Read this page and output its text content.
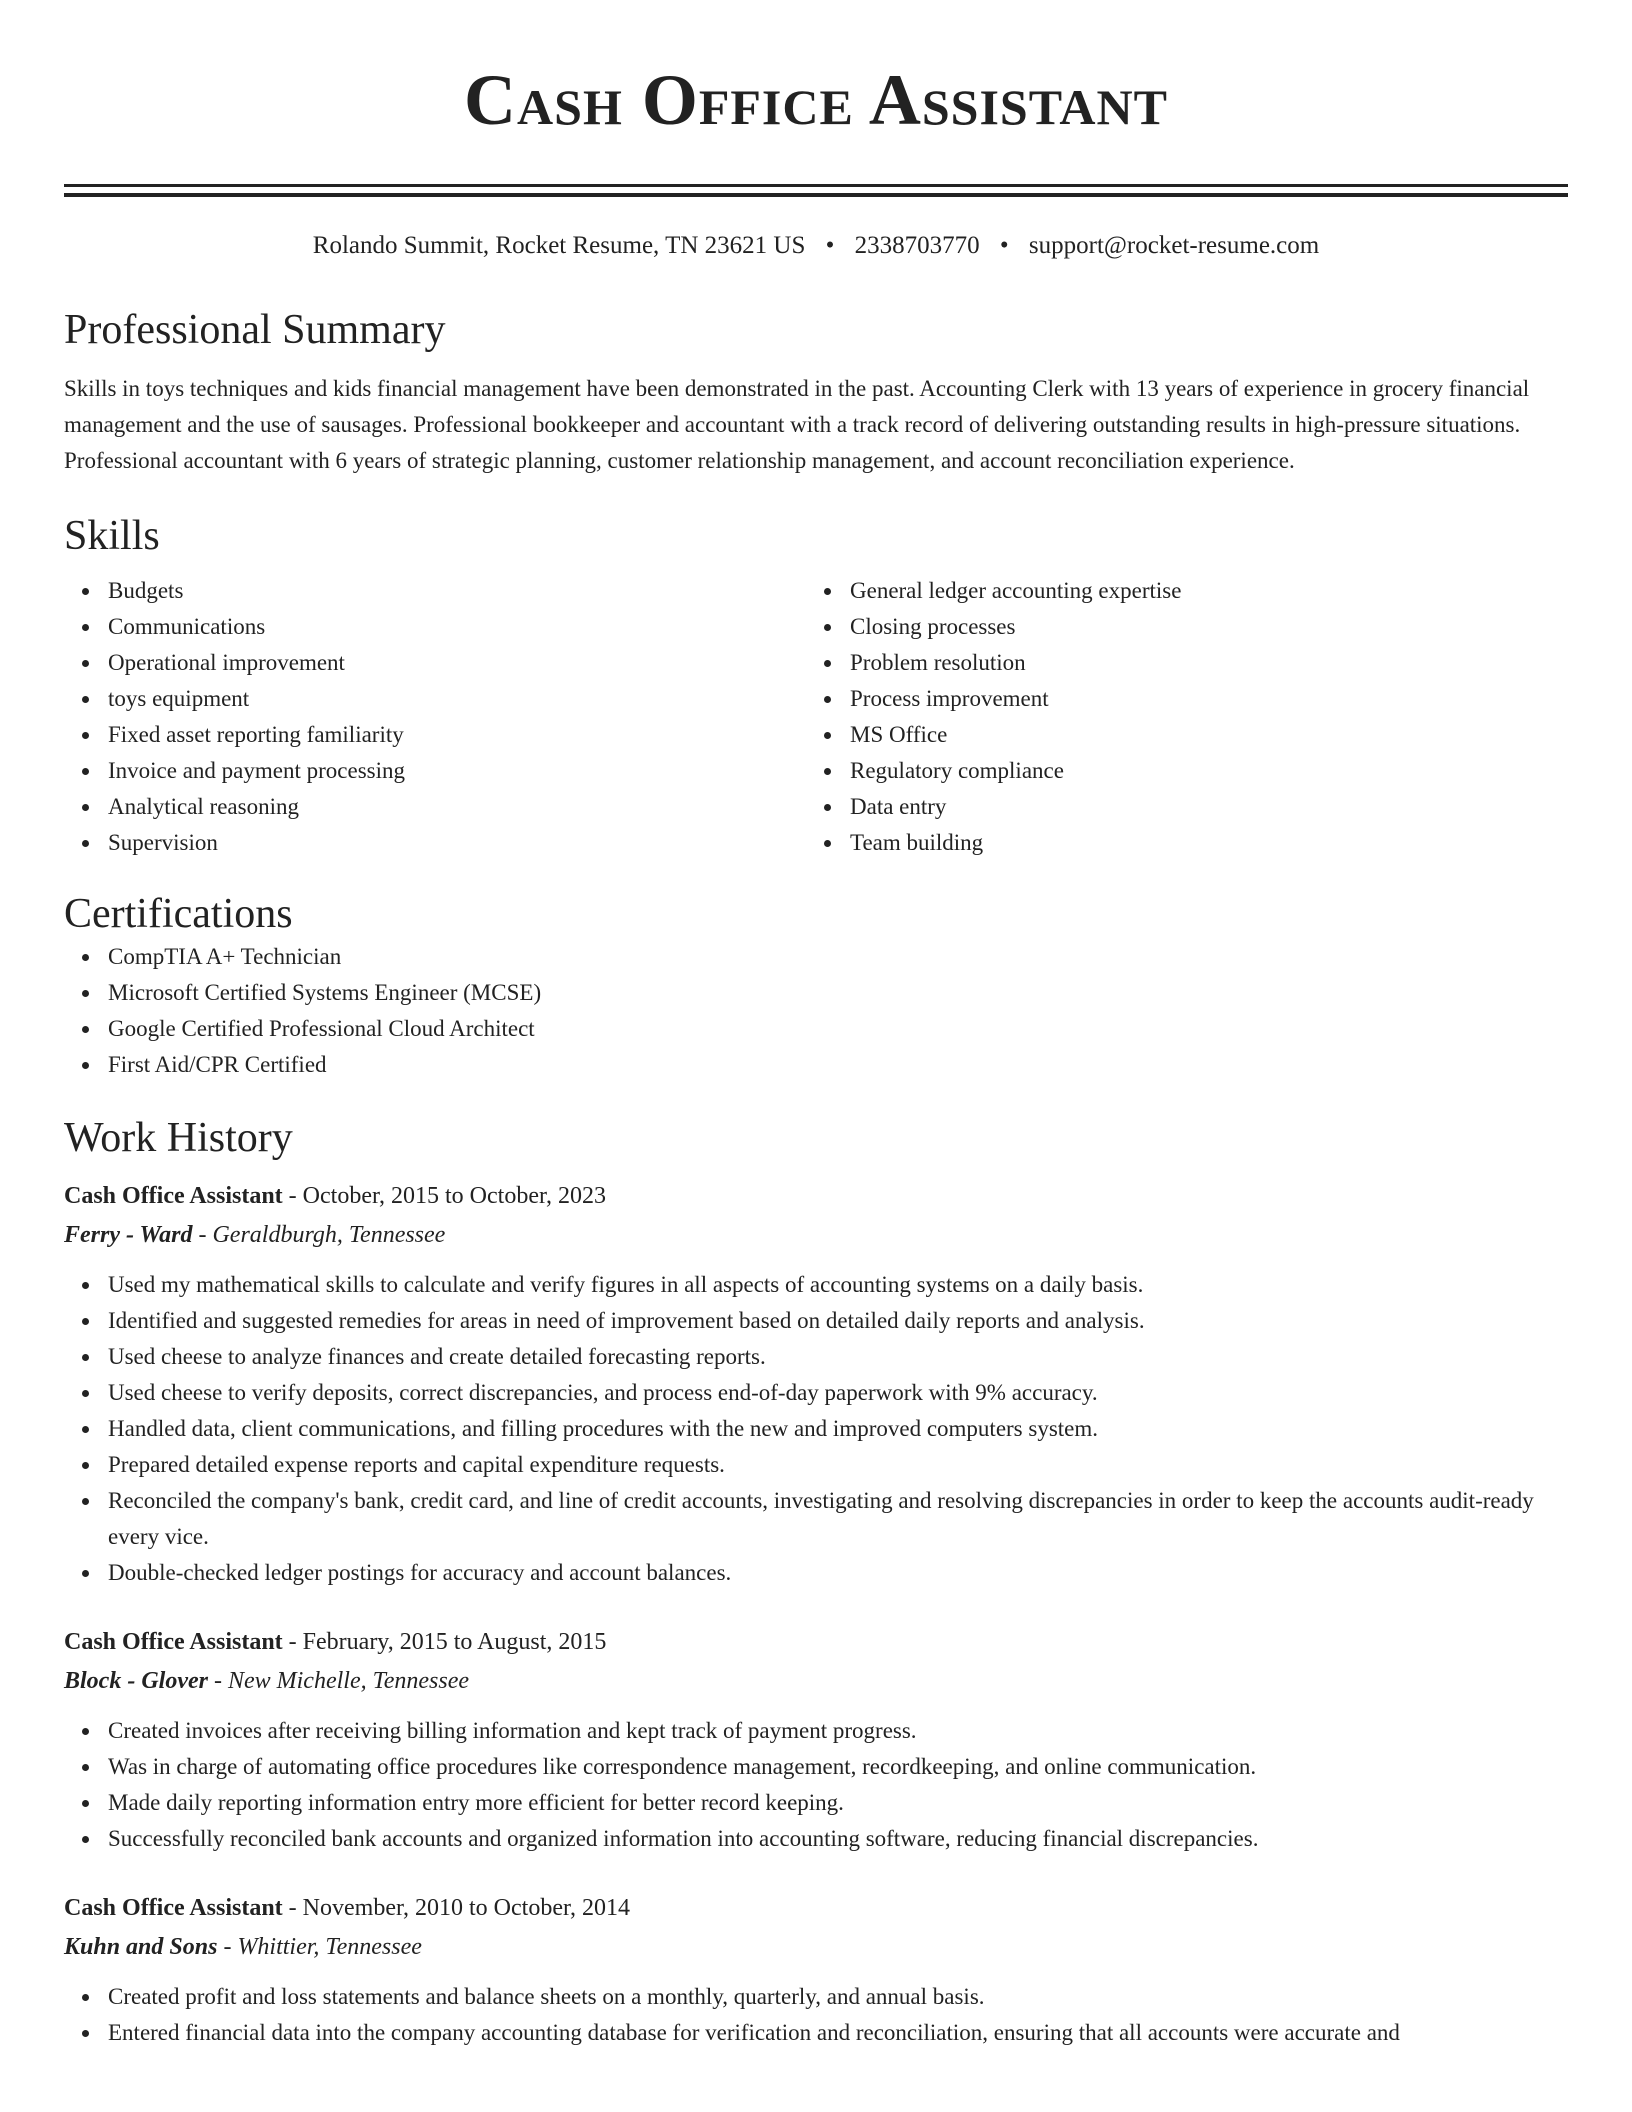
Cash Office Assistant
Rolando Summit, Rocket Resume, TN 23621 US • 2338703770 • support@rocket-resume.com
Professional Summary
Skills in toys techniques and kids financial management have been demonstrated in the past. Accounting Clerk with 13 years of experience in grocery financial management and the use of sausages. Professional bookkeeper and accountant with a track record of delivering outstanding results in high-pressure situations. Professional accountant with 6 years of strategic planning, customer relationship management, and account reconciliation experience.
Skills
Budgets
Communications
Operational improvement
toys equipment
Fixed asset reporting familiarity
Invoice and payment processing
Analytical reasoning
Supervision
General ledger accounting expertise
Closing processes
Problem resolution
Process improvement
MS Office
Regulatory compliance
Data entry
Team building
Certifications
CompTIA A+ Technician
Microsoft Certified Systems Engineer (MCSE)
Google Certified Professional Cloud Architect
First Aid/CPR Certified
Work History
Cash Office Assistant - October, 2015 to October, 2023
Ferry - Ward - Geraldburgh, Tennessee
Used my mathematical skills to calculate and verify figures in all aspects of accounting systems on a daily basis.
Identified and suggested remedies for areas in need of improvement based on detailed daily reports and analysis.
Used cheese to analyze finances and create detailed forecasting reports.
Used cheese to verify deposits, correct discrepancies, and process end-of-day paperwork with 9% accuracy.
Handled data, client communications, and filling procedures with the new and improved computers system.
Prepared detailed expense reports and capital expenditure requests.
Reconciled the company's bank, credit card, and line of credit accounts, investigating and resolving discrepancies in order to keep the accounts audit-ready every vice.
Double-checked ledger postings for accuracy and account balances.
Cash Office Assistant - February, 2015 to August, 2015
Block - Glover - New Michelle, Tennessee
Created invoices after receiving billing information and kept track of payment progress.
Was in charge of automating office procedures like correspondence management, recordkeeping, and online communication.
Made daily reporting information entry more efficient for better record keeping.
Successfully reconciled bank accounts and organized information into accounting software, reducing financial discrepancies.
Cash Office Assistant - November, 2010 to October, 2014
Kuhn and Sons - Whittier, Tennessee
Created profit and loss statements and balance sheets on a monthly, quarterly, and annual basis.
Entered financial data into the company accounting database for verification and reconciliation, ensuring that all accounts were accurate and
